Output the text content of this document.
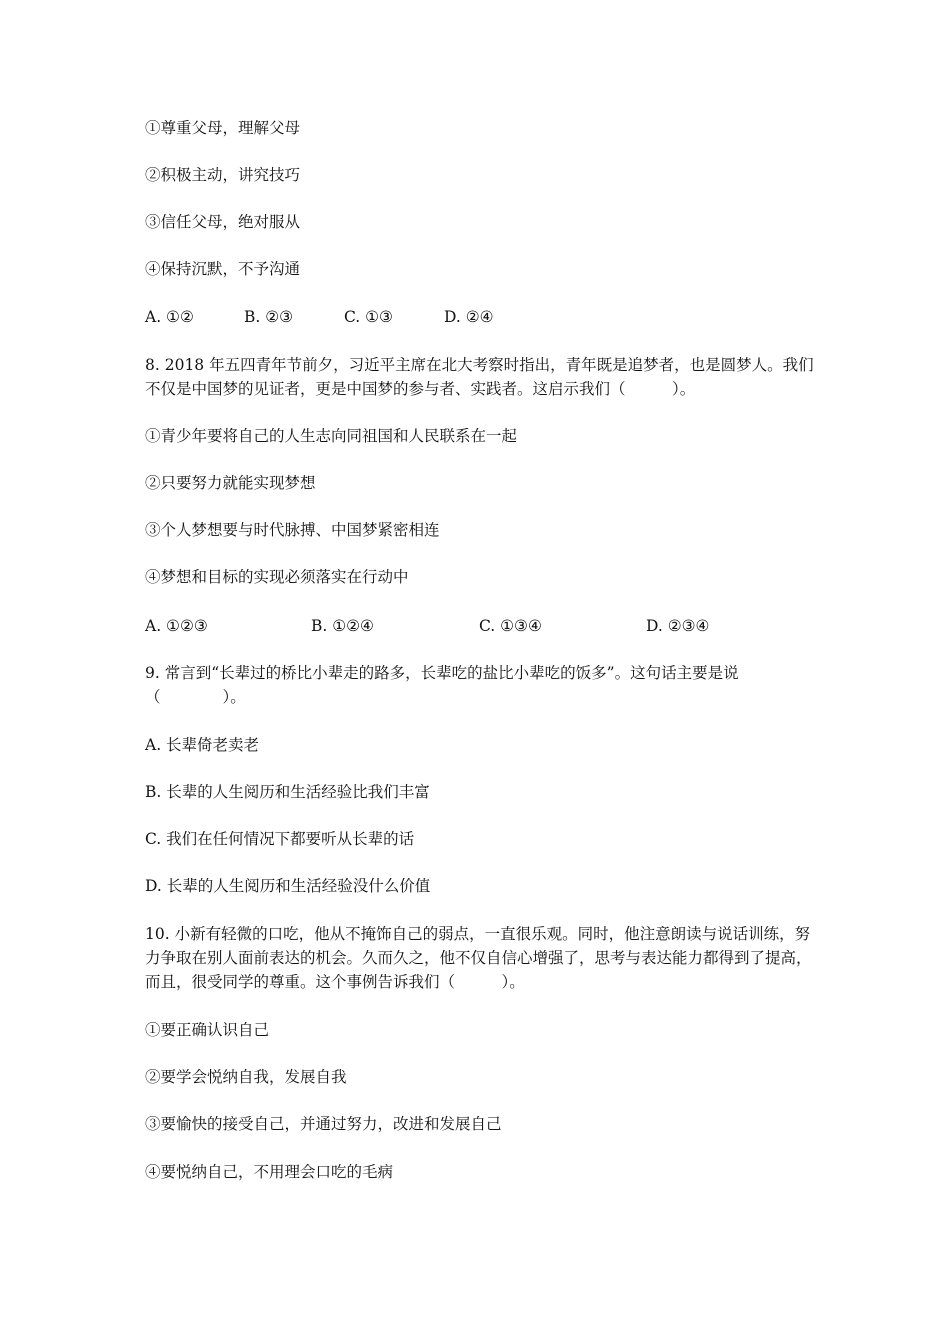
①尊重父母，理解父母
②积极主动，讲究技巧
③信任父母，绝对服从
④保持沉默，不予沟通
A. ①②	B. ②③	C. ①③	D. ②④
8. 2018 年五四青年节前夕，习近平主席在北大考察时指出，青年既是追梦者，也是圆梦人。我们不仅是中国梦的见证者，更是中国梦的参与者、实践者。这启示我们（　　　）。
①青少年要将自己的人生志向同祖国和人民联系在一起
②只要努力就能实现梦想
③个人梦想要与时代脉搏、中国梦紧密相连
④梦想和目标的实现必须落实在行动中
A. ①②③	B. ①②④	C. ①③④	D. ②③④
9. 常言到“长辈过的桥比小辈走的路多，长辈吃的盐比小辈吃的饭多”。这句话主要是说（　　　　）。
A. 长辈倚老卖老
B. 长辈的人生阅历和生活经验比我们丰富
C. 我们在任何情况下都要听从长辈的话
D. 长辈的人生阅历和生活经验没什么价值
10. 小新有轻微的口吃，他从不掩饰自己的弱点，一直很乐观。同时，他注意朗读与说话训练，努力争取在别人面前表达的机会。久而久之，他不仅自信心增强了，思考与表达能力都得到了提高，而且，很受同学的尊重。这个事例告诉我们（　　　）。
①要正确认识自己
②要学会悦纳自我，发展自我
③要愉快的接受自己，并通过努力，改进和发展自己
④要悦纳自己，不用理会口吃的毛病
